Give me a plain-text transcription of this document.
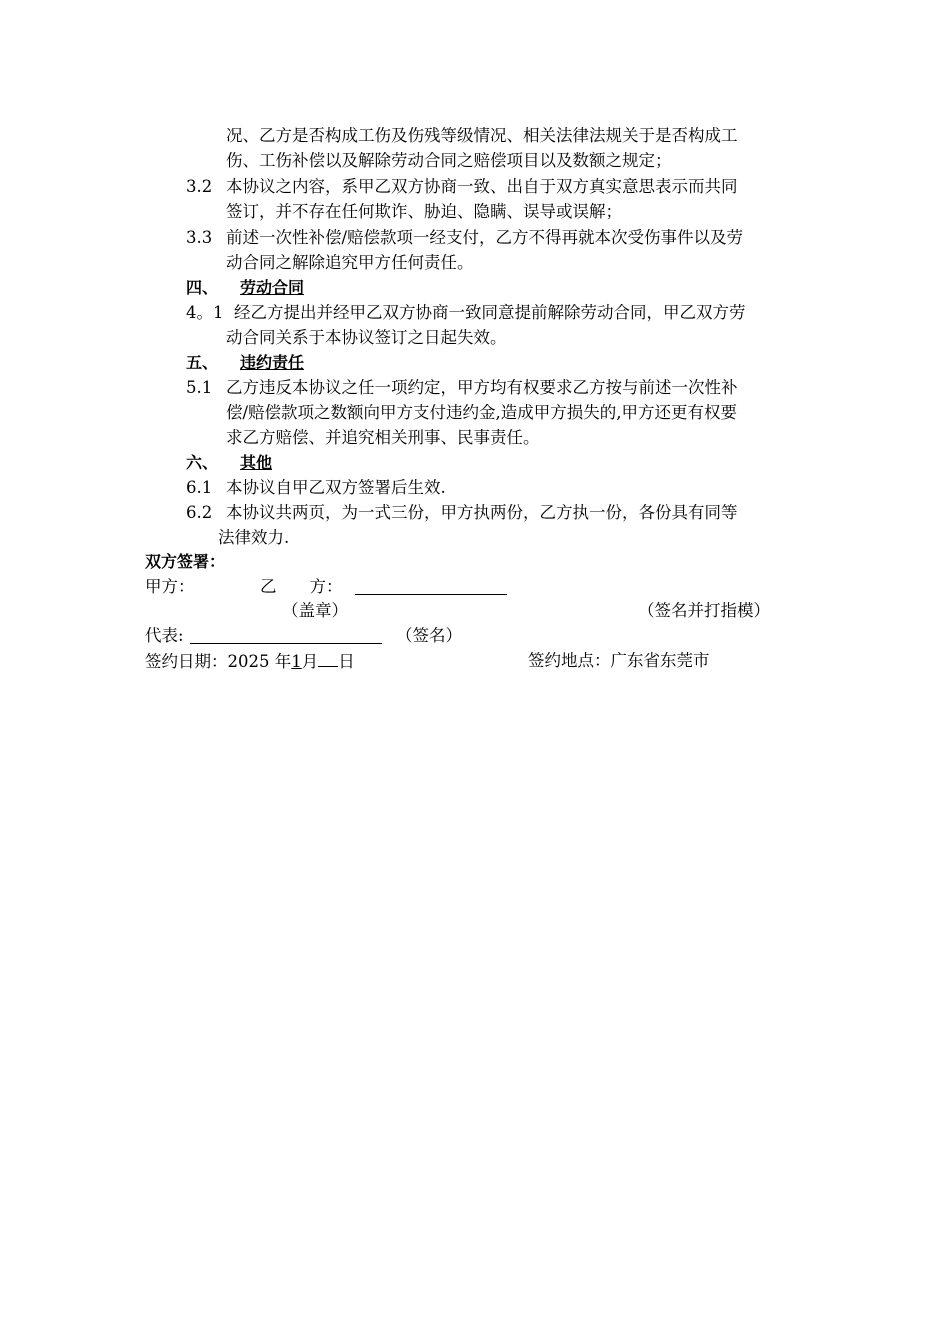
况、乙方是否构成工伤及伤残等级情况、相关法律法规关于是否构成工
伤、工伤补偿以及解除劳动合同之赔偿项目以及数额之规定；
3.2 本协议之内容，系甲乙双方协商一致、出自于双方真实意思表示而共同
签订，并不存在任何欺诈、胁迫、隐瞒、误导或误解；
3.3 前述一次性补偿/赔偿款项一经支付，乙方不得再就本次受伤事件以及劳
动合同之解除追究甲方任何责任。
四、 劳动合同
4。1 经乙方提出并经甲乙双方协商一致同意提前解除劳动合同，甲乙双方劳
动合同关系于本协议签订之日起失效。
五、 违约责任
5.1 乙方违反本协议之任一项约定，甲方均有权要求乙方按与前述一次性补
偿/赔偿款项之数额向甲方支付违约金,造成甲方损失的,甲方还更有权要
求乙方赔偿、并追究相关刑事、民事责任。
六、 其他
6.1 本协议自甲乙双方签署后生效.
6.2 本协议共两页，为一式三份，甲方执两份，乙方执一份，各份具有同等
法律效力.
双方签署：
甲方：	乙　　方：
（盖章）	（签名并打指模）
代表:	（签名）
签约日期：2025 年1月 日	签约地点：广东省东莞市
